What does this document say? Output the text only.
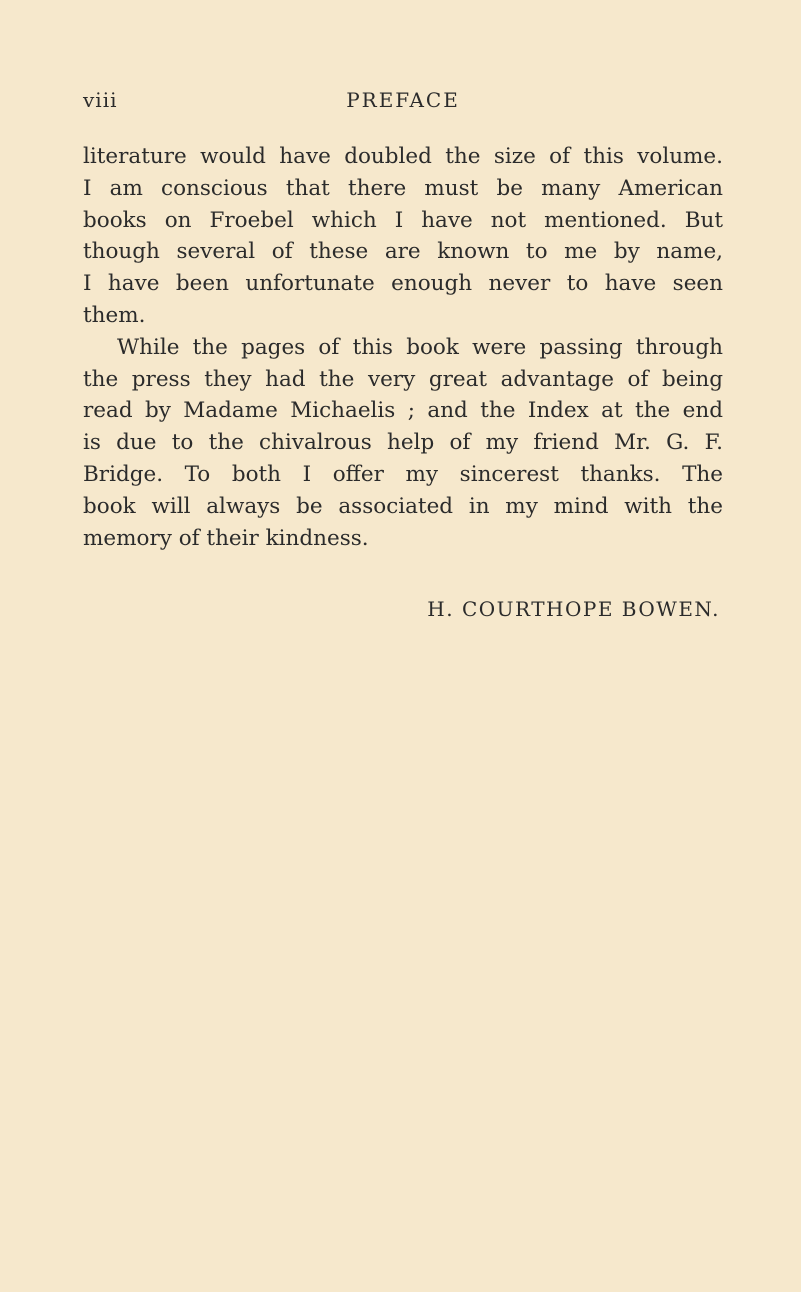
viii	PREFACE
literature would have doubled the size of this volume.
I am conscious that there must be many American
books on Froebel which I have not mentioned. But
though several of these are known to me by name,
I have been unfortunate enough never to have seen
them.
While the pages of this book were passing through
the press they had the very great advantage of being
read by Madame Michaelis ; and the Index at the end
is due to the chivalrous help of my friend Mr. G. F.
Bridge. To both I offer my sincerest thanks. The
book will always be associated in my mind with the
memory of their kindness.
H. COURTHOPE BOWEN.
